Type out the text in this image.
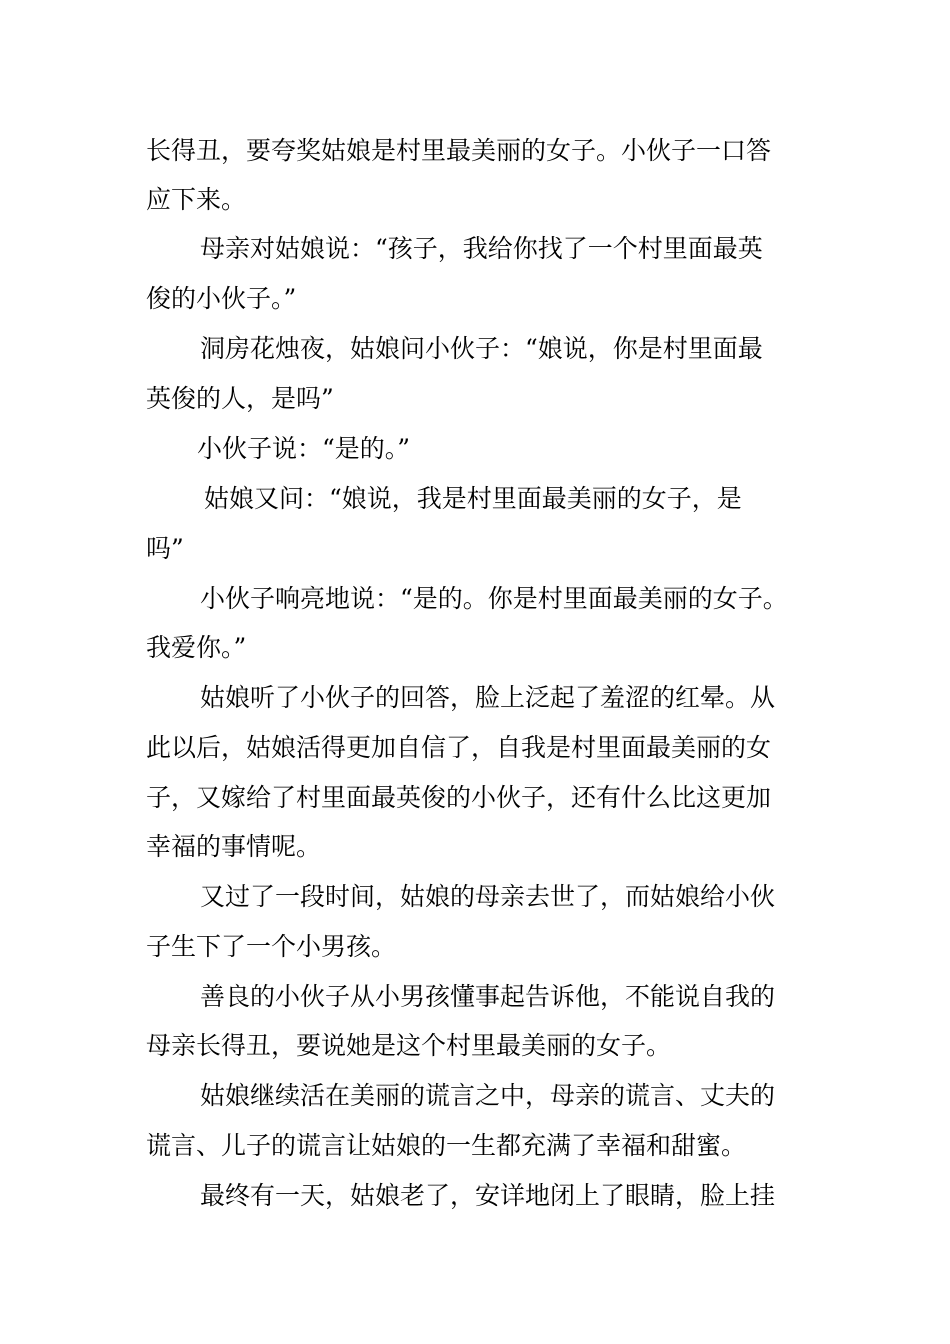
长得丑，要夸奖姑娘是村里最美丽的女子。小伙子一口答
应下来。
母亲对姑娘说：“孩子，我给你找了一个村里面最英
俊的小伙子。”
洞房花烛夜，姑娘问小伙子：“娘说，你是村里面最
英俊的人，是吗”
小伙子说：“是的。”
姑娘又问：“娘说，我是村里面最美丽的女子，是
吗”
小伙子响亮地说：“是的。你是村里面最美丽的女子。
我爱你。”
姑娘听了小伙子的回答，脸上泛起了羞涩的红晕。从
此以后，姑娘活得更加自信了，自我是村里面最美丽的女
子，又嫁给了村里面最英俊的小伙子，还有什么比这更加
幸福的事情呢。
又过了一段时间，姑娘的母亲去世了，而姑娘给小伙
子生下了一个小男孩。
善良的小伙子从小男孩懂事起告诉他，不能说自我的
母亲长得丑，要说她是这个村里最美丽的女子。
姑娘继续活在美丽的谎言之中，母亲的谎言、丈夫的
谎言、儿子的谎言让姑娘的一生都充满了幸福和甜蜜。
最终有一天，姑娘老了，安详地闭上了眼睛，脸上挂
